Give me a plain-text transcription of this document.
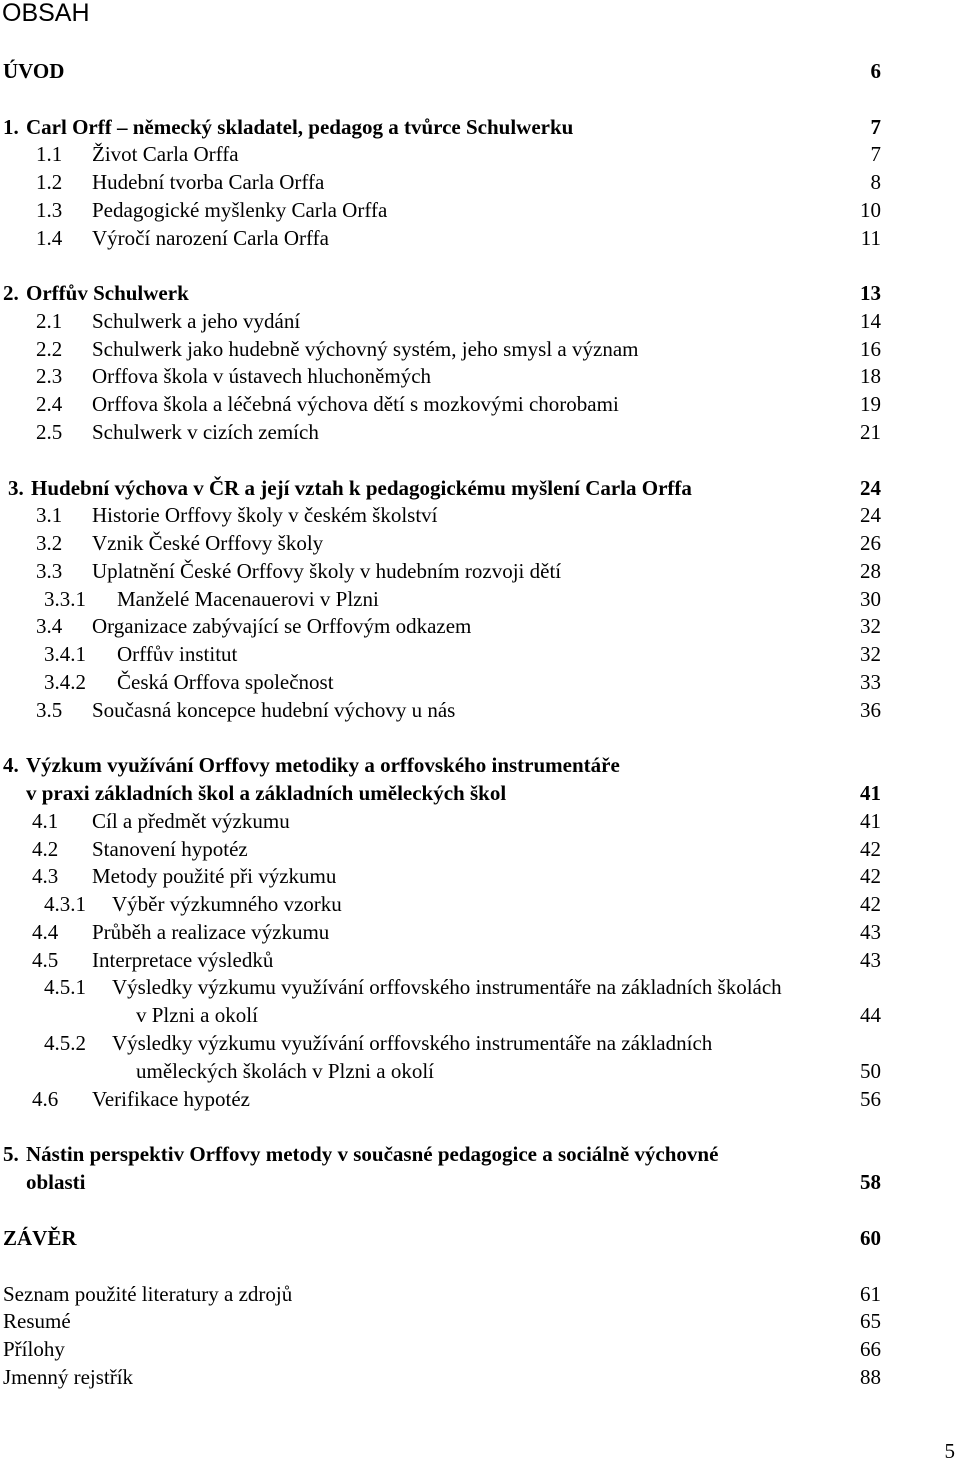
OBSAH
ÚVOD	6
1. Carl Orff – německý skladatel, pedagog a tvůrce Schulwerku	7
1.1 Život Carla Orffa	7
1.2 Hudební tvorba Carla Orffa	8
1.3 Pedagogické myšlenky Carla Orffa	10
1.4 Výročí narození Carla Orffa	11
2. Orffův Schulwerk	13
2.1 Schulwerk a jeho vydání	14
2.2 Schulwerk jako hudebně výchovný systém, jeho smysl a význam	16
2.3 Orffova škola v ústavech hluchoněmých	18
2.4 Orffova škola a léčebná výchova dětí s mozkovými chorobami	19
2.5 Schulwerk v cizích zemích	21
3. Hudební výchova v ČR a její vztah k pedagogickému myšlení Carla Orffa	24
3.1 Historie Orffovy školy v českém školství	24
3.2 Vznik České Orffovy školy	26
3.3 Uplatnění České Orffovy školy v hudebním rozvoji dětí	28
3.3.1 Manželé Macenauerovi v Plzni	30
3.4 Organizace zabývající se Orffovým odkazem	32
3.4.1 Orffův institut	32
3.4.2 Česká Orffova společnost	33
3.5 Současná koncepce hudební výchovy u nás	36
4. Výzkum využívání Orffovy metodiky a orffovského instrumentáře
v praxi základních škol a základních uměleckých škol	41
4.1 Cíl a předmět výzkumu	41
4.2 Stanovení hypotéz	42
4.3 Metody použité při výzkumu	42
4.3.1 Výběr výzkumného vzorku	42
4.4 Průběh a realizace výzkumu	43
4.5 Interpretace výsledků	43
4.5.1 Výsledky výzkumu využívání orffovského instrumentáře na základních školách
v Plzni a okolí	44
4.5.2 Výsledky výzkumu využívání orffovského instrumentáře na základních
uměleckých školách v Plzni a okolí	50
4.6 Verifikace hypotéz	56
5. Nástin perspektiv Orffovy metody v současné pedagogice a sociálně výchovné
oblasti	58
ZÁVĚR	60
Seznam použité literatury a zdrojů	61
Resumé	65
Přílohy	66
Jmenný rejstřík	88
5
